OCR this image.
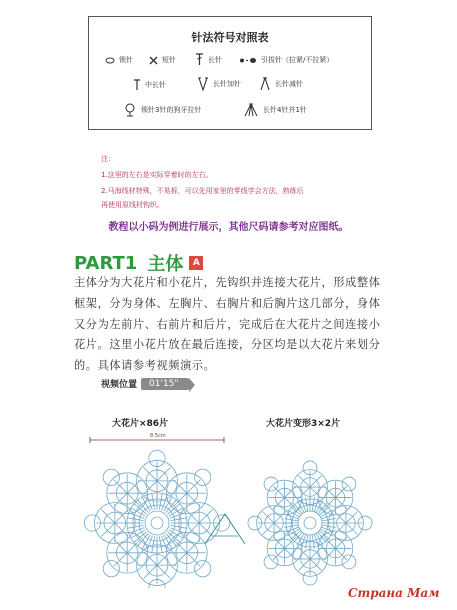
针法符号对照表
锁针	短针	长针	引拔针（拉紧/不拉紧）
中长针	长针加针	长针减针
锁针3针的狗牙拉针	长针4针并1针
注：
1.这里的左右是实际穿着时的左右。
2.马海线材特殊，不易拆，可以先用家里的零线学会方法，熟练后
再使用原线材钩织。
教程以小码为例进行展示，其他尺码请参考对应图纸。
PART1 主体	A
主体分为大花片和小花片，先钩织并连接大花片，形成整体框架，分为身体、左胸片、右胸片和后胸片这几部分，身体又分为左前片、右前片和后片，完成后在大花片之间连接小花片。这里小花片放在最后连接，分区均是以大花片来划分的。具体请参考视频演示。
视频位置	01'15"
大花片×86片	大花片变形3×2片
8.5cm
Страна Мам
